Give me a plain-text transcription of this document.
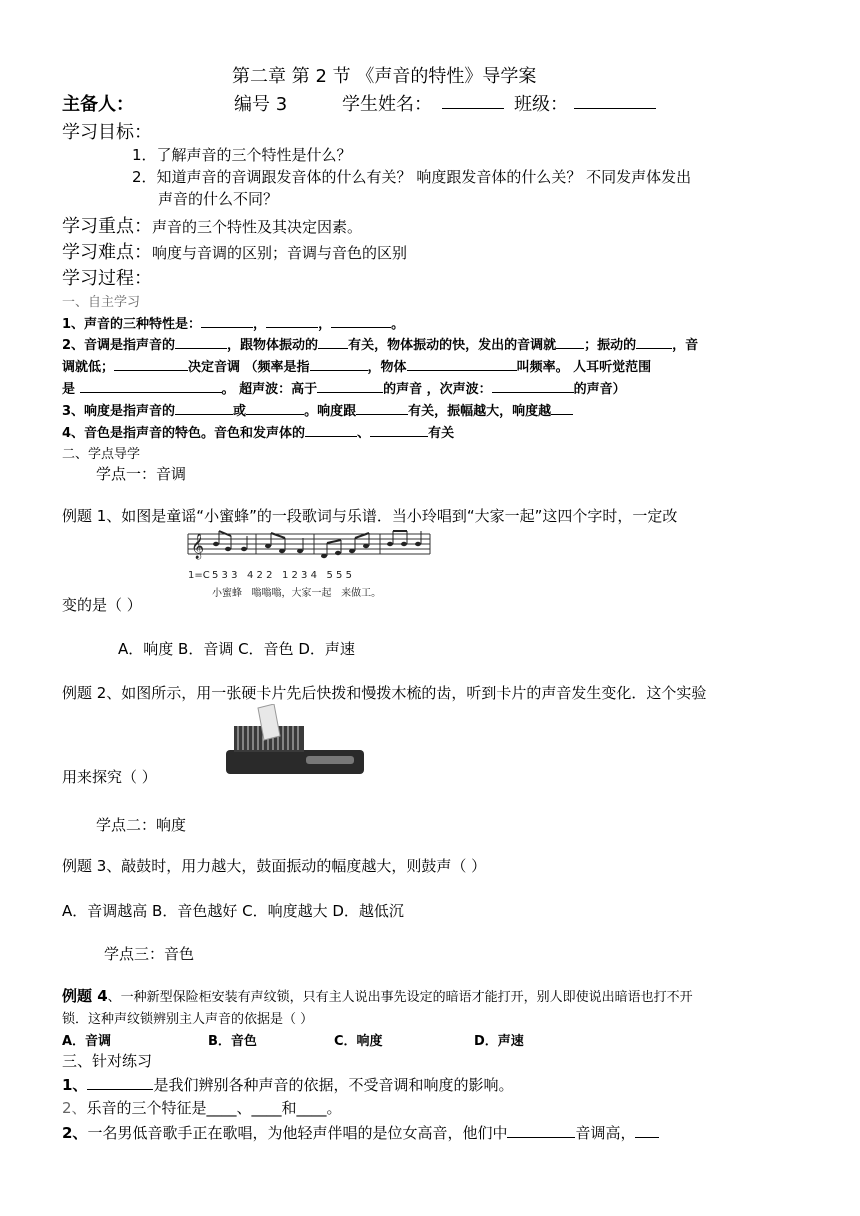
第二章 第 2 节 《声音的特性》导学案
主备人：	编号 3	学生姓名：	班级：
学习目标：
1．了解声音的三个特性是什么？
2．知道声音的音调跟发音体的什么有关？ 响度跟发音体的什么关？ 不同发声体发出
声音的什么不同？
学习重点：声音的三个特性及其决定因素。
学习难点：响度与音调的区别；音调与音色的区别
学习过程：
一、自主学习
1、声音的三种特性是：	，	，	。
2、音调是指声音的	，跟物体振动的 有关，物体振动的快，发出的音调就 ；振动的	，音
调就低；	决定音调 （频率是指	，物体	叫频率。 人耳听觉范围
是	。 超声波：高于	的声音 ，次声波：	的声音）
3、响度是指声音的	或	。响度跟	有关，振幅越大，响度越
4、音色是指声音的特色。音色和发声体的	、	有关
二、学点导学
学点一：音调
例题 1、如图是童谣“小蜜蜂”的一段歌词与乐谱．当小玲唱到“大家一起”这四个字时，一定改
𝄞
1=C 5 3 3   4 2 2   1 2 3 4   5 5 5
小蜜蜂   嗡嗡嗡，大家一起   来做工。
变的是（ ）
A．响度 B．音调 C．音色 D．声速
例题 2、如图所示，用一张硬卡片先后快拨和慢拨木梳的齿，听到卡片的声音发生变化．这个实验
用来探究（ ）
学点二：响度
例题 3、敲鼓时，用力越大，鼓面振动的幅度越大，则鼓声（ ）
A．音调越高 B．音色越好 C．响度越大 D．越低沉
学点三：音色
例题 4、一种新型保险柜安装有声纹锁，只有主人说出事先设定的暗语才能打开，别人即使说出暗语也打不开
锁．这种声纹锁辨别主人声音的依据是（ ）
A．音调	B．音色	C．响度	D．声速
三、针对练习
1、	是我们辨别各种声音的依据，不受音调和响度的影响。
2、乐音的三个特征是____、____和____。
2、一名男低音歌手正在歌唱，为他轻声伴唱的是位女高音，他们中	音调高，
